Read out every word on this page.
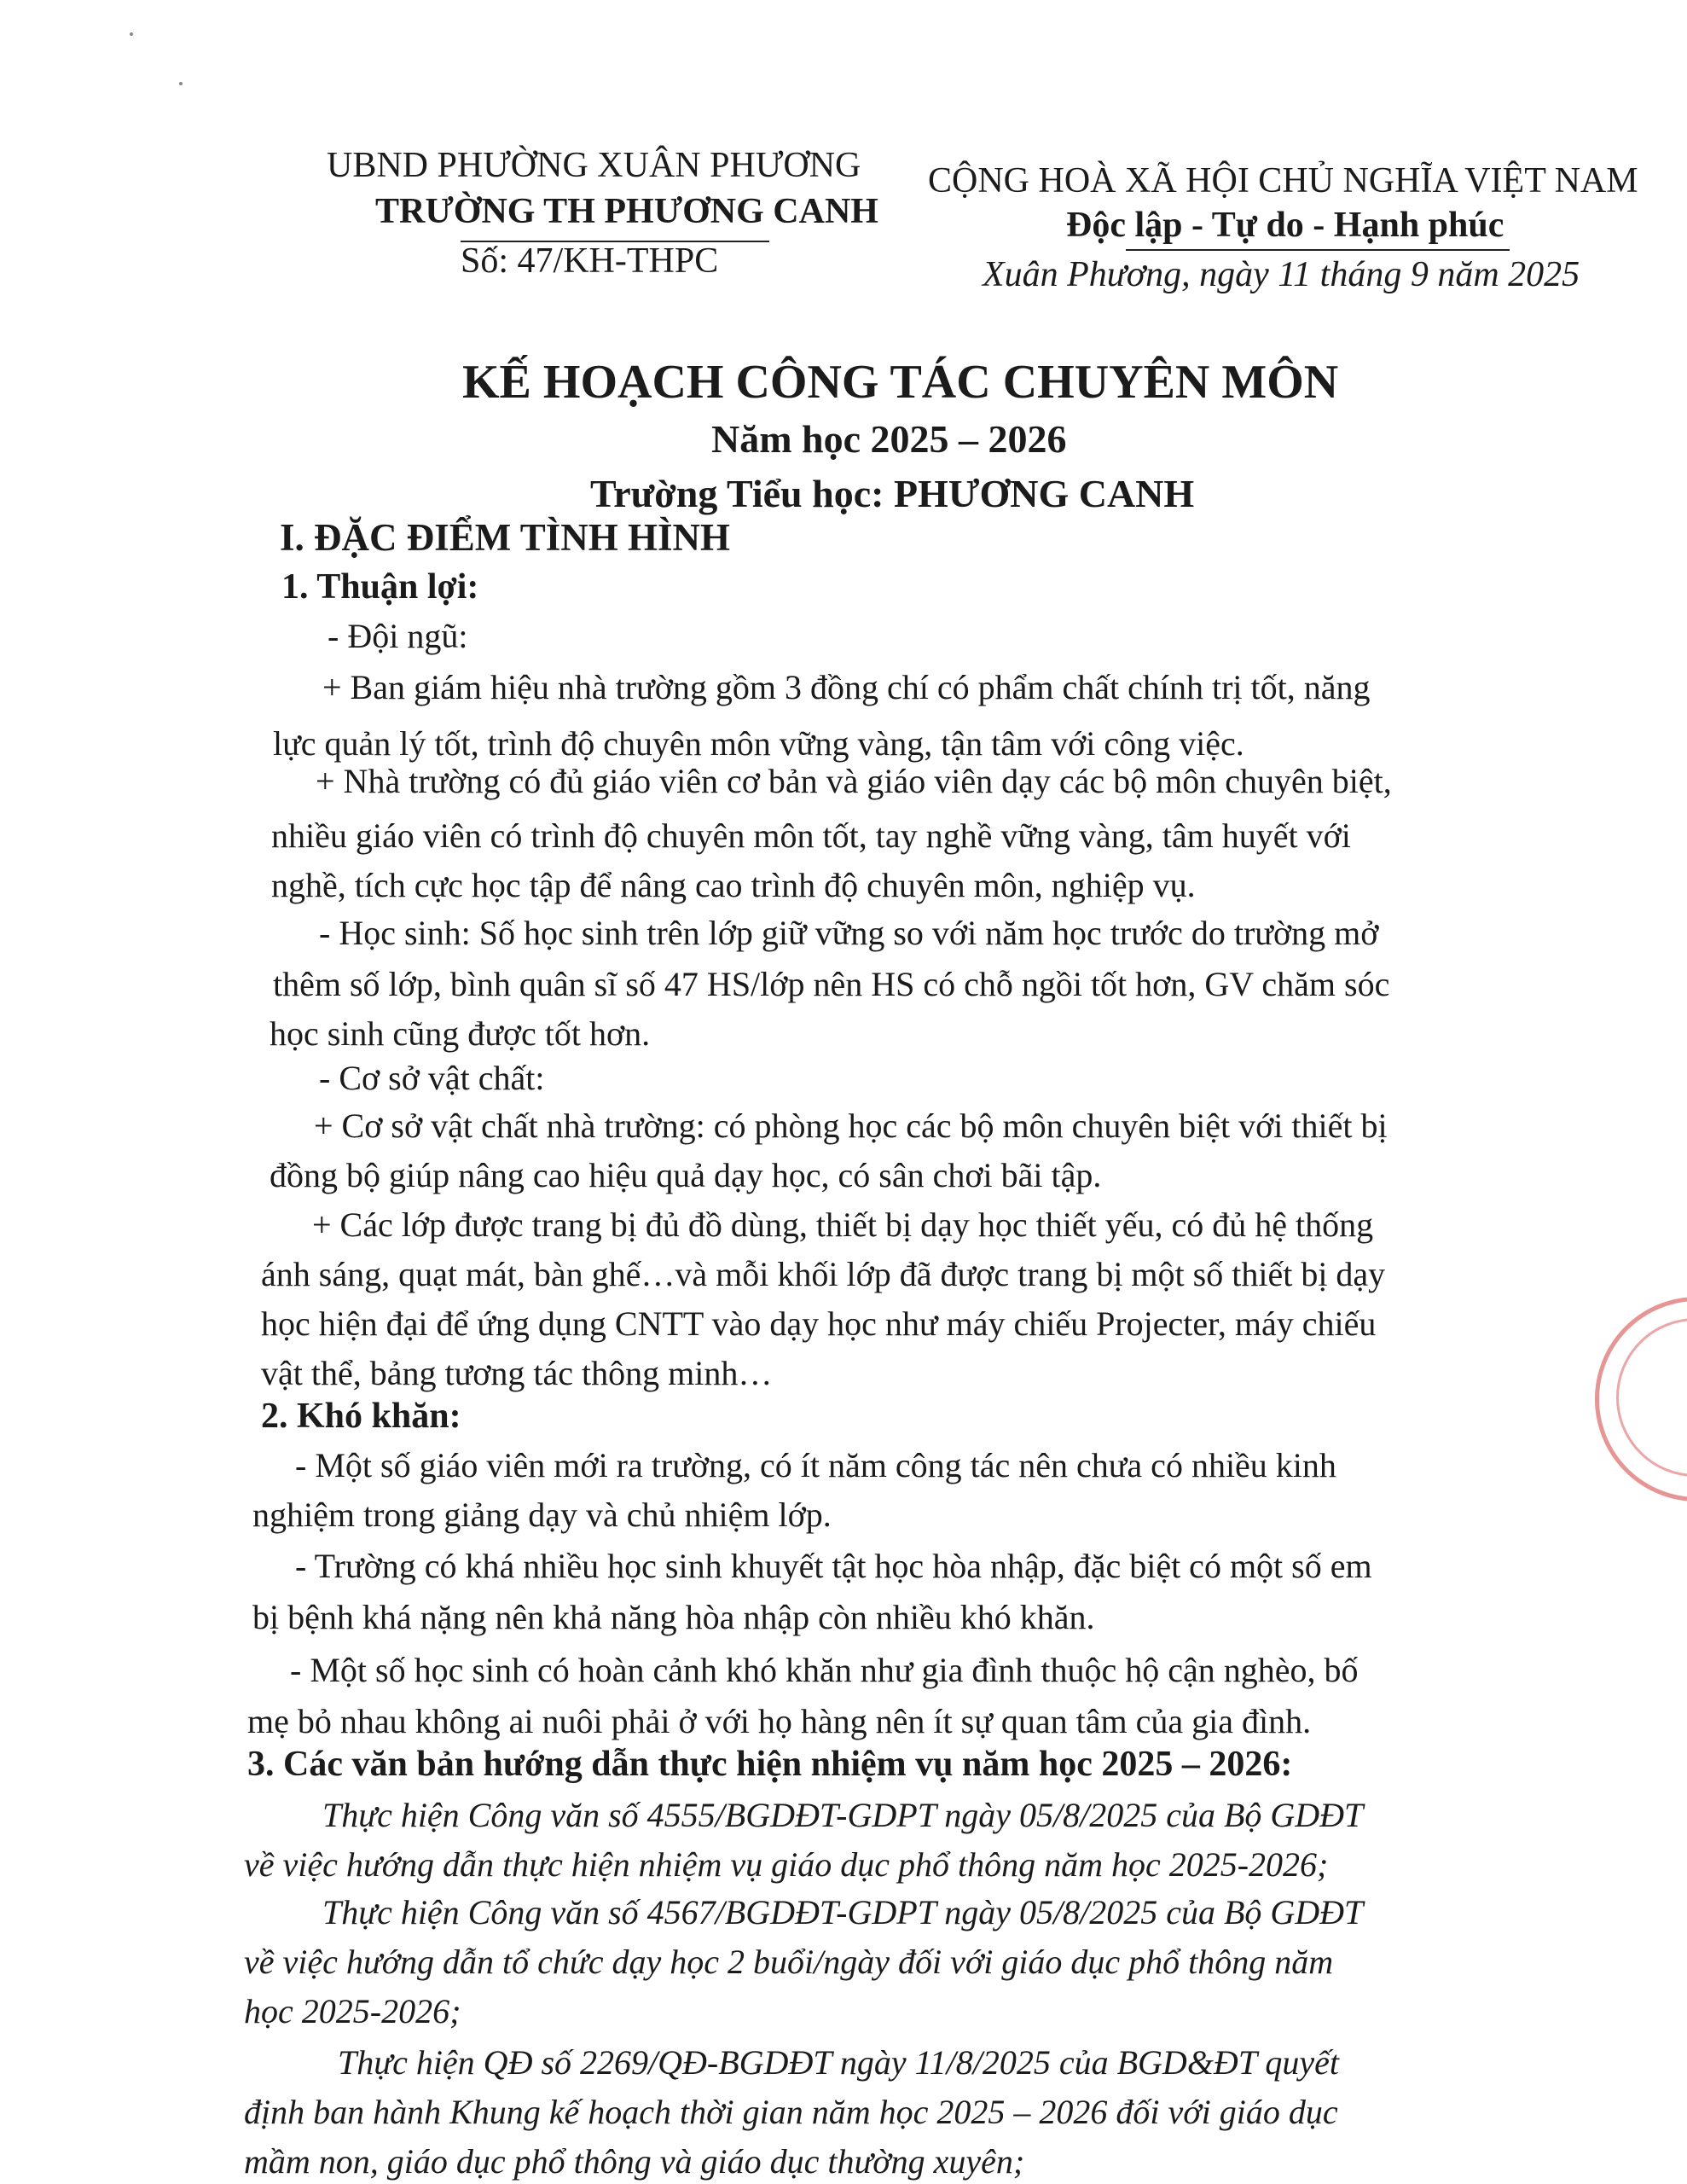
UBND PHƯỜNG XUÂN PHƯƠNG
TRƯỜNG TH PHƯƠNG CANH
Số: 47/KH-THPC
CỘNG HOÀ XÃ HỘI CHỦ NGHĨA VIỆT NAM
Độc lập - Tự do - Hạnh phúc
Xuân Phương, ngày 11 tháng 9 năm 2025
KẾ HOẠCH CÔNG TÁC CHUYÊN MÔN
Năm học 2025 – 2026
Trường Tiểu học: PHƯƠNG CANH
I. ĐẶC ĐIỂM TÌNH HÌNH
1. Thuận lợi:
- Đội ngũ:
+ Ban giám hiệu nhà trường gồm 3 đồng chí có phẩm chất chính trị tốt, năng
lực quản lý tốt, trình độ chuyên môn vững vàng, tận tâm với công việc.
+ Nhà trường có đủ giáo viên cơ bản và giáo viên dạy các bộ môn chuyên biệt,
nhiều giáo viên có trình độ chuyên môn tốt, tay nghề vững vàng, tâm huyết với
nghề, tích cực học tập để nâng cao trình độ chuyên môn, nghiệp vụ.
- Học sinh: Số học sinh trên lớp giữ vững so với năm học trước do trường mở
thêm số lớp, bình quân sĩ số 47 HS/lớp nên HS có chỗ ngồi tốt hơn, GV chăm sóc
học sinh cũng được tốt hơn.
- Cơ sở vật chất:
+ Cơ sở vật chất nhà trường: có phòng học các bộ môn chuyên biệt với thiết bị
đồng bộ giúp nâng cao hiệu quả dạy học, có sân chơi bãi tập.
+ Các lớp được trang bị đủ đồ dùng, thiết bị dạy học thiết yếu, có đủ hệ thống
ánh sáng, quạt mát, bàn ghế…và mỗi khối lớp đã được trang bị một số thiết bị dạy
học hiện đại để ứng dụng CNTT vào dạy học như máy chiếu Projecter, máy chiếu
vật thể, bảng tương tác thông minh…
2. Khó khăn:
- Một số giáo viên mới ra trường, có ít năm công tác nên chưa có nhiều kinh
nghiệm trong giảng dạy và chủ nhiệm lớp.
- Trường có khá nhiều học sinh khuyết tật học hòa nhập, đặc biệt có một số em
bị bệnh khá nặng nên khả năng hòa nhập còn nhiều khó khăn.
- Một số học sinh có hoàn cảnh khó khăn như gia đình thuộc hộ cận nghèo, bố
mẹ bỏ nhau không ai nuôi phải ở với họ hàng nên ít sự quan tâm của gia đình.
3. Các văn bản hướng dẫn thực hiện nhiệm vụ năm học 2025 – 2026:
Thực hiện Công văn số 4555/BGDĐT-GDPT ngày 05/8/2025 của Bộ GDĐT
về việc hướng dẫn thực hiện nhiệm vụ giáo dục phổ thông năm học 2025-2026;
Thực hiện Công văn số 4567/BGDĐT-GDPT ngày 05/8/2025 của Bộ GDĐT
về việc hướng dẫn tổ chức dạy học 2 buổi/ngày đối với giáo dục phổ thông năm
học 2025-2026;
Thực hiện QĐ số 2269/QĐ-BGDĐT ngày 11/8/2025 của BGD&ĐT quyết
định ban hành Khung kế hoạch thời gian năm học 2025 – 2026 đối với giáo dục
mầm non, giáo dục phổ thông và giáo dục thường xuyên;
